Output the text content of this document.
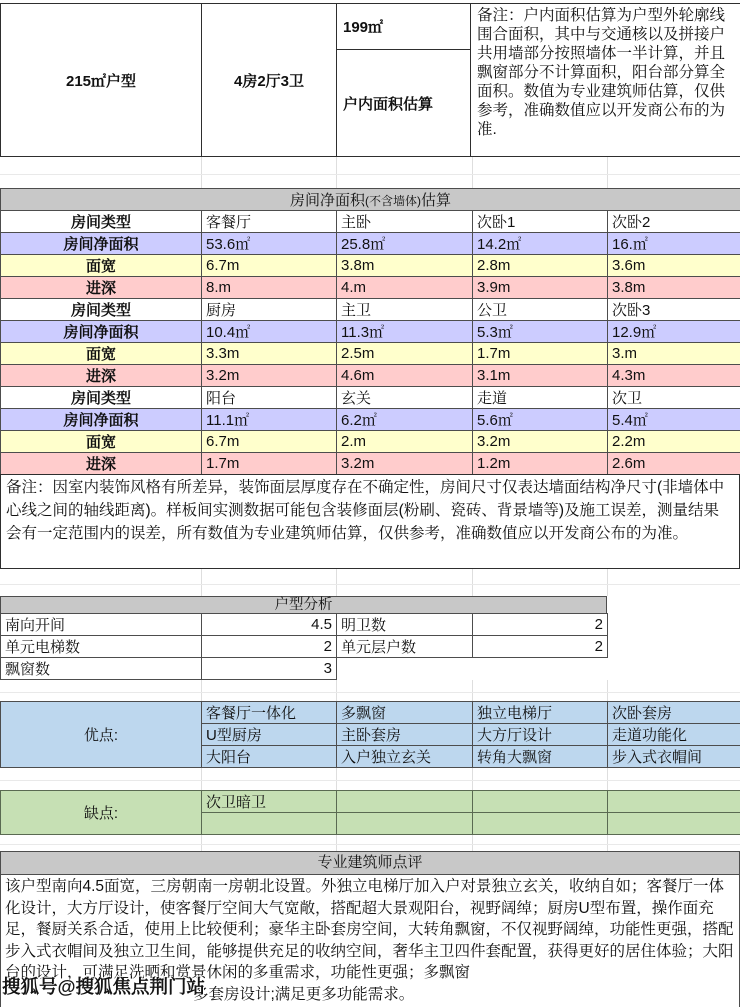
215㎡户型	4房2厅3卫	199㎡	备注：户内面积估算为户型外轮廓线围合面积，其中与交通核以及拼接户共用墙部分按照墙体一半计算，并且飘窗部分不计算面积，阳台部分算全面积。数值为专业建筑师估算，仅供参考，准确数值应以开发商公布的为准.
户内面积估算
房间净面积(不含墙体)估算				
房间类型	客餐厅	主卧	次卧1	次卧2
房间净面积	53.6㎡	25.8㎡	14.2㎡	16.㎡
面宽	6.7m	3.8m	2.8m	3.6m
进深	8.m	4.m	3.9m	3.8m
房间类型	厨房	主卫	公卫	次卧3
房间净面积	10.4㎡	11.3㎡	5.3㎡	12.9㎡
面宽	3.3m	2.5m	1.7m	3.m
进深	3.2m	4.6m	3.1m	4.3m
房间类型	阳台	玄关	走道	次卫
房间净面积	11.1㎡	6.2㎡	5.6㎡	5.4㎡
面宽	6.7m	2.m	3.2m	2.2m
进深	1.7m	3.2m	1.2m	2.6m
备注：因室内装饰风格有所差异，装饰面层厚度存在不确定性，房间尺寸仅表达墙面结构净尺寸(非墙体中心线之间的轴线距离)。样板间实测数据可能包含装修面层(粉刷、瓷砖、背景墙等)及施工误差，测量结果会有一定范围内的误差，所有数值为专业建筑师估算，仅供参考，准确数值应以开发商公布的为准。
户型分析
南向开间	4.5	明卫数	2
单元电梯数	2	单元层户数	2
飘窗数	3		
优点:	客餐厅一体化	多飘窗	独立电梯厅	次卧套房
	U型厨房	主卧套房	大方厅设计	走道功能化
	大阳台	入户独立玄关	转角大飘窗	步入式衣帽间
缺点:	次卫暗卫			

专业建筑师点评
该户型南向4.5面宽，三房朝南一房朝北设置。外独立电梯厅加入户对景独立玄关，收纳自如；客餐厅一体化设计，大方厅设计，使客餐厅空间大气宽敞，搭配超大景观阳台，视野阔绰；厨房U型布置，操作面充足，餐厨关系合适，使用上比较便利；豪华主卧套房空间，大转角飘窗，不仅视野阔绰，功能性更强，搭配步入式衣帽间及独立卫生间，能够提供充足的收纳空间，奢华主卫四件套配置，获得更好的居住体验；大阳台的设计，可满足洗晒和赏景休闲的多重需求，功能性更强；多飘窗
多套房设计;满足更多功能需求。
搜狐号@搜狐焦点荆门站
